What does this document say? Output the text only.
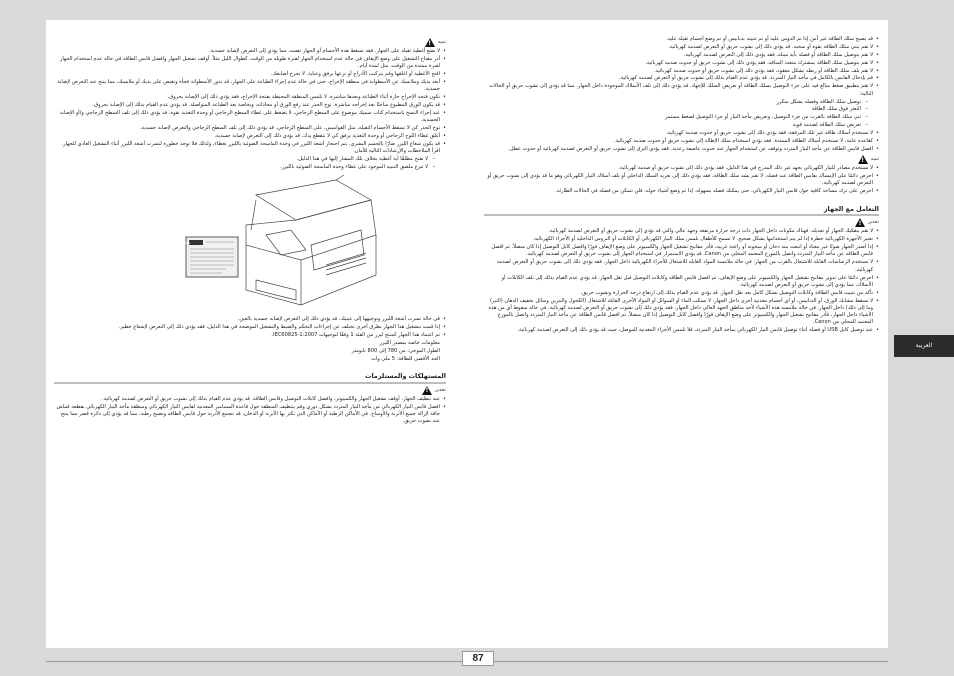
تنبيه
!

• لا تضع أغطية ثقيلة على الجهاز. فقد تسقط هذه الأجسام أو الجهاز نفسه، مما يؤدي إلى التعرض لإصابة جسدية.

• أدر مفتاح التشغيل على وضع الإيقاف في حالة عدم استخدام الجهاز لفترة طويلة من الوقت، كطوال الليل مثلاً. أوقف تشغيل الجهاز وافصل قابس الطاقة في حالة عدم استخدام الجهاز لفترة ممتدة من الوقت، مثل لمدة أيام.

• افتح الأغطية أو اغلقها وقم بتركيب الأدراج أو نزعها برفق وعناية. لا تجرح أصابعك.

• أبعد يديك وملابسك عن الأسطوانة في منطقة الإخراج. حتى في حالة عدم إجراء الطباعة على الجهاز، قد تدور الأسطوانة فجأة وتقبض على يديك أو ملابسك، مما ينتج عنه التعرض لإصابة جسدية.

• تكون فتحة الإخراج حارة أثناء الطباعة وبعدها مباشرة. لا تلمس المنطقة المحيطة بفتحة الإخراج، فقد يؤدي ذلك إلى الإصابة بحروق.

• قد يكون الورق المطبوع ساخنًا بعد إخراجه مباشرة. توخ الحذر عند رفع الورق أو محاذاته، وبخاصة بعد الطباعة المتواصلة. قد يؤدي عدم القيام بذلك إلى الإصابة بحروق.

• عند إجراء النسخ باستخدام كتاب سميك موضوع على السطح الزجاجي، لا تضغط على غطاء السطح الزجاجي أو وحدة التغذية بقوة. قد يؤدي ذلك إلى تلف السطح الزجاجي و/أو الإصابة الجسدية.

• توخ الحذر كي لا تسقط الأجسام الثقيلة، مثل القواميس، على السطح الزجاجي. قد يؤدي ذلك إلى تلف السطح الزجاجي والتعرض لإصابة جسدية.

• أغلق غطاء اللوح الزجاجي أو وحدة التغذية برفق كي لا تنقطع يدك. قد يؤدي ذلك إلى التعرض لإصابة جسدية.

• قد يكون شعاع الليزر ضارًا بالجسم البشري. يتم احتجاز أشعة الليزر في وحدة الماسحة الضوئية بالليزر بغطاء، ولذلك فلا توجد خطورة لتسرب أشعة الليزر أثناء التشغيل العادي للجهاز. اقرأ الملاحظات والإرشادات التالية للأمان.

– لا تفتح مطلقًا أية أغطية بخلاف تلك المشار إليها في هذا الدليل.

– لا تنزع ملصق التنبيه الموجود على غطاء وحدة الماسحة الضوئية بالليزر.

CAUTION

• في حالة تسرب أشعة الليزر وتوجيهها إلى عينيك، قد يؤدي ذلك إلى التعرض لإصابة جسدية بالعين.

• إذا قمت بتشغيل هذا الجهاز بطرق أخرى تختلف عن إجراءات التحكم والضبط والتشغيل الموضحة في هذا الدليل، فقد يؤدي ذلك إلى التعرض لإشعاع خطير.

• تم اعتماد هذا الجهاز كمنتج ليزر من الفئة 1 وفقًا لتوجيهات IEC60825-1:2007.

معلومات خاصة بمصدر الليزر

الطول الموجي: من 780 إلى 800 نانومتر

الحد الأقصى للطاقة: 5 ملي وات

المستهلكات والمستلزمات
تحذير
!

• عند تنظيف الجهاز، أوقف تشغيل الجهاز والكمبيوتر، وافصل كابلات التوصيل وقابس الطاقة. قد يؤدي عدم القيام بذلك إلى نشوب حريق أو التعرض لصدمة كهربائية.

• افصل قابس التيار الكهربائي من مأخذ التيار المتردد بشكل دوري وقم بتنظيف المنطقة حول قاعدة المسامير المعدنية لقابس التيار الكهربائي ومنطقة مأخذ التيار الكهربائي بقطعة قماش جافة لإزالة جميع الأتربة والأوساخ. في الأماكن الرطبة أو الأماكن التي تكثر بها الأتربة أو الدخان، قد تتجمع الأتربة حول قابس الطاقة وتصبح رطبة، مما قد يؤدي إلى دائرة قصر مما ينتج عنه نشوب حريق.

• قد يصبح سلك الطاقة غير آمن إذا تم الدوس عليه أو تم تثبيته بدبابيس أو تم وضع أجسام ثقيلة عليه.

• لا تقم بثني سلك الطاقة بقوة أو سحبه. قد يؤدي ذلك إلى نشوب حريق أو التعرض لصدمة كهربائية.

• لا تقم بتوصيل سلك الطاقة أو فصله بأيد مبتلة، فقد يؤدي ذلك إلى التعرض لصدمة كهربائية.

• لا تقم بتوصيل سلك الطاقة بمشترك متعدد المنافذ، فقد يؤدي ذلك إلى نشوب حريق أو حدوث صدمة كهربائية.

• لا تقم بلف سلك الطاقة أو ربطه بشكل معقود، فقد يؤدي ذلك إلى نشوب حريق أو حدوث صدمة كهربائية.

• قم بإدخال القابس بالكامل في مأخذ التيار المتردد. قد يؤدي عدم القيام بذلك إلى نشوب حريق أو التعرض لصدمة كهربائية.

• لا تقم بتطبيق ضغط مبالغ فيه على جزء التوصيل بسلك الطاقة أو تعريض السلك للإجهاد. قد يؤدي ذلك إلى تلف الأسلاك الموجودة داخل الجهاز، مما قد يؤدي إلى نشوب حريق أو الحالات التالية:

– توصيل سلك الطاقة وفصله بشكل متكرر

– التعثر فوق سلك الطاقة

– ثني سلك الطاقة بالقرب من جزء التوصيل، وتعريض مأخذ التيار أو جزء التوصيل لضغط مستمر

– تعريض سلك الطاقة لصدمة قوية

• لا تستخدم أسلاك طاقة غير تلك المرفقة، فقد يؤدي ذلك إلى نشوب حريق أو حدوث صدمة كهربائية.

• كقاعدة عامة، لا تستخدم أسلاك الطاقة الممتدة. فقد يؤدي استخدام سلك الإطالة إلى نشوب حريق أو حدوث صدمة كهربائية.

• افصل قابس الطاقة عن مأخذ التيار المتردد وتوقف عن استخدام الجهاز عند حدوث عاصفة رعدية. فقد يؤدي البرق إلى نشوب حريق أو التعرض لصدمة كهربائية أو حدوث عطل.

تنبيه
!

• لا تستخدم مصادر للتيار الكهربائي بجهد غير ذلك المدرج في هذا الدليل، فقد يؤدي ذلك إلى نشوب حريق أو صدمة كهربائية.

• احرص دائمًا على الإمساك بقابس الطاقة عند فصله. لا تقم بشد سلك الطاقة، فقد يؤدي ذلك إلى تعرية السلك الداخلي أو تلف أسلاك التيار الكهربائي وهو ما قد يؤدي إلى نشوب حريق أو التعرض لصدمة كهربائية.

• احرص على ترك مساحة كافية حول قابس التيار الكهربائي، حتى يمكنك فصله بسهولة. إذا تم وضع أشياء حوله، فلن تتمكن من فصله في الحالات الطارئة.

التعامل مع الجهاز
تحذير
!

• لا تقم بتفكيك الجهاز أو تعديله. فهناك مكونات داخل الجهاز ذات درجة حرارة مرتفعة وجهد عالي والتي قد تؤدي إلى نشوب حريق أو التعرض لصدمة كهربائية.

• تعتبر الأجهزة الكهربائية خطرة إذا لم يتم استخدامها بشكل صحيح. لا تسمح للأطفال بلمس سلك التيار الكهربائي أو الكابلات أو التروس الداخلية أو الأجزاء الكهربائية.

• إذا أصدر الجهاز صوتًا غير معتاد أو انبعث منه دخان أو سخونة أو رائحة غريبة، فأدر مفاتيح تشغيل الجهاز والكمبيوتر على وضع الإيقاف فورًا وافصل كابل التوصيل إذا كان متصلاً. ثم افصل قابس الطاقة عن مأخذ التيار المتردد واتصل بالموزع المعتمد المحلي من Canon. قد يؤدي الاستمرار في استخدام الجهاز إلى نشوب حريق أو التعرض لصدمة كهربائية.

• لا تستخدم الرشاشات القابلة للاشتعال بالقرب من الجهاز. في حالة ملامسة المواد القابلة للاشتعال للأجزاء الكهربائية داخل الجهاز، فقد يؤدي ذلك إلى نشوب حريق أو التعرض لصدمة كهربائية.

• احرص دائمًا على تدوير مفاتيح تشغيل الجهاز والكمبيوتر على وضع الإيقاف، ثم افصل قابس الطاقة وكابلات التوصيل قبل نقل الجهاز. قد يؤدي عدم القيام بذلك إلى تلف الكابلات أو الأسلاك، مما يؤدي إلى نشوب حريق أو التعرض لصدمة كهربائية.

• تأكد من تثبيت قابس الطاقة وكابلات التوصيل بشكل كامل بعد نقل الجهاز. قد يؤدي عدم القيام بذلك إلى ارتفاع درجة الحرارة ونشوب حريق.

• لا تسقط مشابك الورق، أو الدبابيس، أو أي أجسام معدنية أخرى داخل الجهاز. لا تسكب الماء أو السوائل أو المواد الأخرى القابلة للاشتعال (الكحول والبنزين وسائل تخفيف الدهان (الثنر) وما إلى ذلك) داخل الجهاز. في حالة ملامسة هذه الأشياء لأحد مناطق الجهد العالي داخل الجهاز، فقد يؤدي ذلك إلى نشوب حريق أو التعرض لصدمة كهربائية. في حالة سقوط أي من هذه الأشياء داخل الجهاز، فأدر مفاتيح تشغيل الجهاز والكمبيوتر على وضع الإيقاف فورًا وافصل كابل التوصيل إذا كان متصلاً. ثم افصل قابس الطاقة عن مأخذ التيار المتردد واتصل بالموزع المعتمد المحلي من Canon.

• عند توصيل كابل USB أو فصله أثناء توصيل قابس التيار الكهربائي بمأخذ التيار المتردد، فلا تلمس الأجزاء المعدنية للموصل، حيث قد يؤدي ذلك إلى التعرض لصدمة كهربائية.

العربية
87
